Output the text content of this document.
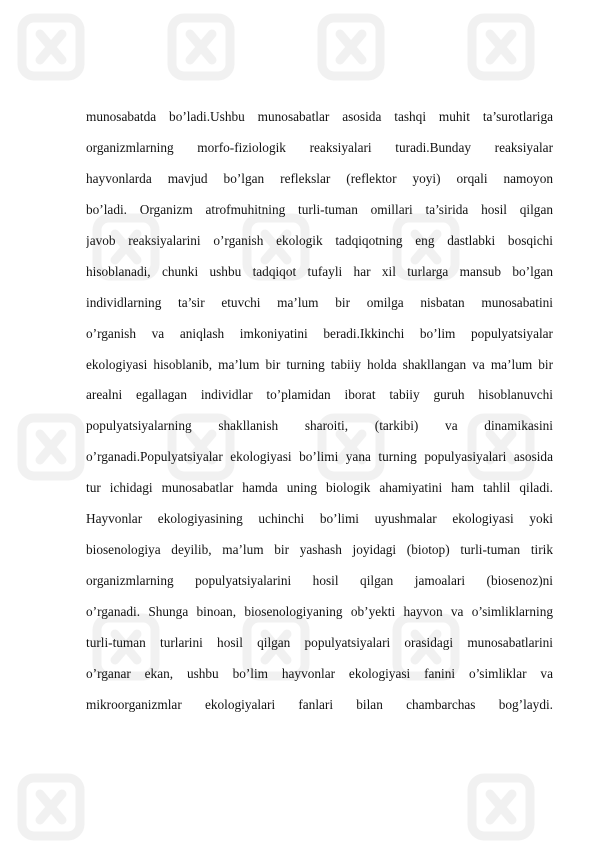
munosabatda bo’ladi.Ushbu munosabatlar asosida tashqi muhit ta’surotlariga
organizmlarning morfo-fiziologik reaksiyalari turadi.Bunday reaksiyalar
hayvonlarda mavjud bo’lgan reflekslar (reflektor yoyi) orqali namoyon
bo’ladi. Organizm atrofmuhitning turli-tuman omillari ta’sirida hosil qilgan
javob reaksiyalarini o’rganish ekologik tadqiqotning eng dastlabki bosqichi
hisoblanadi, chunki ushbu tadqiqot tufayli har xil turlarga mansub bo’lgan
individlarning ta’sir etuvchi ma’lum bir omilga nisbatan munosabatini
o’rganish va aniqlash imkoniyatini beradi.Ikkinchi bo’lim populyatsiyalar
ekologiyasi hisoblanib, ma’lum bir turning tabiiy holda shakllangan va ma’lum bir
arealni egallagan individlar to’plamidan iborat tabiiy guruh hisoblanuvchi
populyatsiyalarning shakllanish sharoiti, (tarkibi) va dinamikasini
o’rganadi.Populyatsiyalar ekologiyasi bo’limi yana turning populyasiyalari asosida
tur ichidagi munosabatlar hamda uning biologik ahamiyatini ham tahlil qiladi.
Hayvonlar ekologiyasining uchinchi bo’limi uyushmalar ekologiyasi yoki
biosenologiya deyilib, ma’lum bir yashash joyidagi (biotop) turli-tuman tirik
organizmlarning populyatsiyalarini hosil qilgan jamoalari (biosenoz)ni
o’rganadi. Shunga binoan, biosenologiyaning ob’yekti hayvon va o’simliklarning
turli-tuman turlarini hosil qilgan populyatsiyalari orasidagi munosabatlarini
o’rganar ekan, ushbu bo’lim hayvonlar ekologiyasi fanini o’simliklar va
mikroorganizmlar ekologiyalari fanlari bilan chambarchas bog’laydi.
